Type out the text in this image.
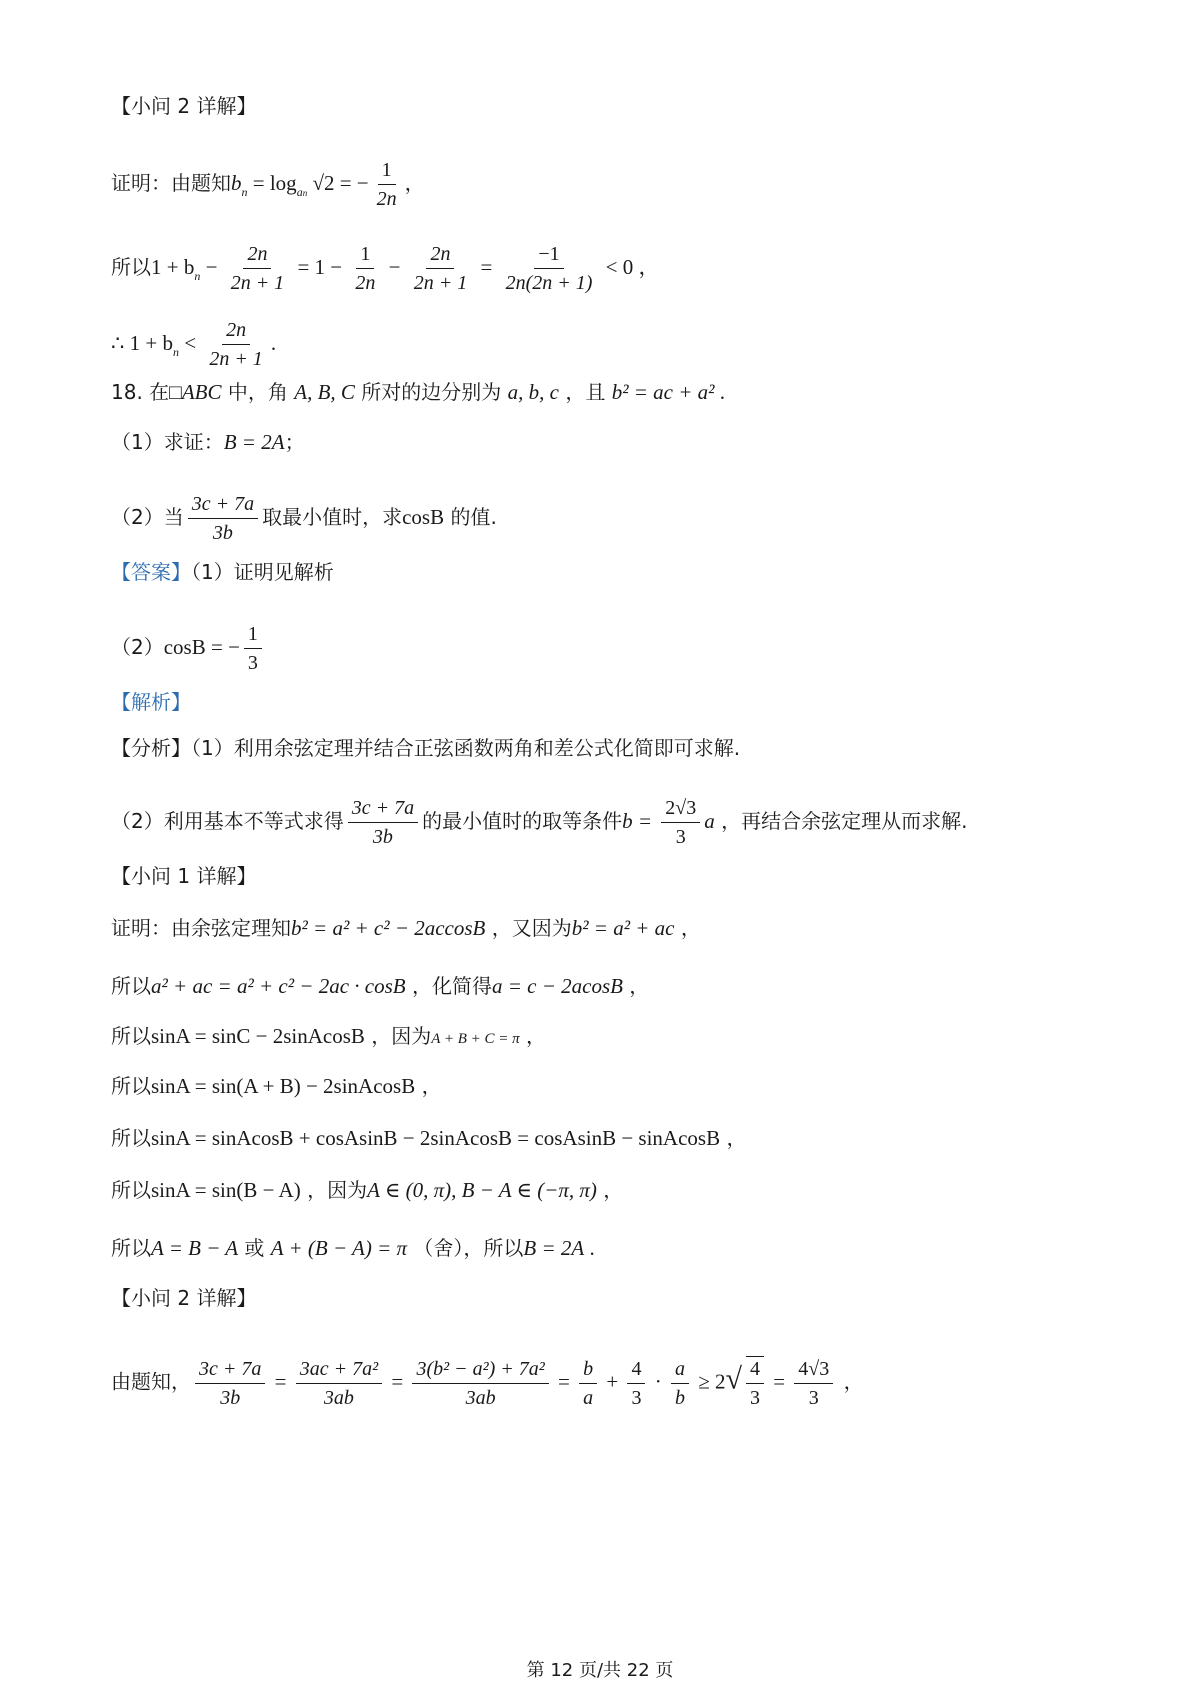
【小问 2 详解】
证明：由题知$b_n = \log_{an} √2$ = − $\frac{1}{2n}$ ，
所以$1 + b_n - \frac{2n}{2n + 1} = 1 - \frac{1}{2n} - \frac{2n}{2n + 1} = \frac{-1}{2n(2n + 1)} < 0$ ，
∴ $1 + b_n < \frac{2n}{2n + 1}$ .
18. 在□ABC 中，角 A, B, C 所对的边分别为 a, b, c ，且 b² = ac + a² .
（1）求证：B = 2A；
（2）当 $\frac{3c + 7a}{3b}$ 取最小值时，求cosB 的值.
【答案】（1）证明见解析
（2）cosB = − $\frac{1}{3}$
【解析】
【分析】（1）利用余弦定理并结合正弦函数两角和差公式化简即可求解.
（2）利用基本不等式求得 $\frac{3c + 7a}{3b}$ 的最小值时的取等条件$b = \frac{2√3}{3}$ a ，再结合余弦定理从而求解.
【小问 1 详解】
证明：由余弦定理知b² = a² + c² − 2accosB ，又因为b² = a² + ac ，
所以a² + ac = a² + c² − 2ac · cosB ，化简得a = c − 2acosB ，
所以sinA = sinC − 2sinAcosB ，因为A + B + C = π ，
所以sinA = sin(A + B) − 2sinAcosB ，
所以sinA = sinAcosB + cosAsinB − 2sinAcosB = cosAsinB − sinAcosB ，
所以sinA = sin(B − A) ，因为A ∈ (0, π), B − A ∈ (−π, π) ，
所以A = B − A 或 A + (B − A) = π （舍），所以B = 2A .
【小问 2 详解】
由题知， $\frac{3c + 7a}{3b} = \frac{\text{3ac + 7a²}}{3ab} = \frac{\text{3(b² − a²) + 7a²}}{3ab} = \frac{b}{a} + \frac{4}{3} \cdot \frac{a}{b} \ge 2√ \frac{4}{3} = \frac{4√3}{3}$ ，
第 12 页/共 22 页
